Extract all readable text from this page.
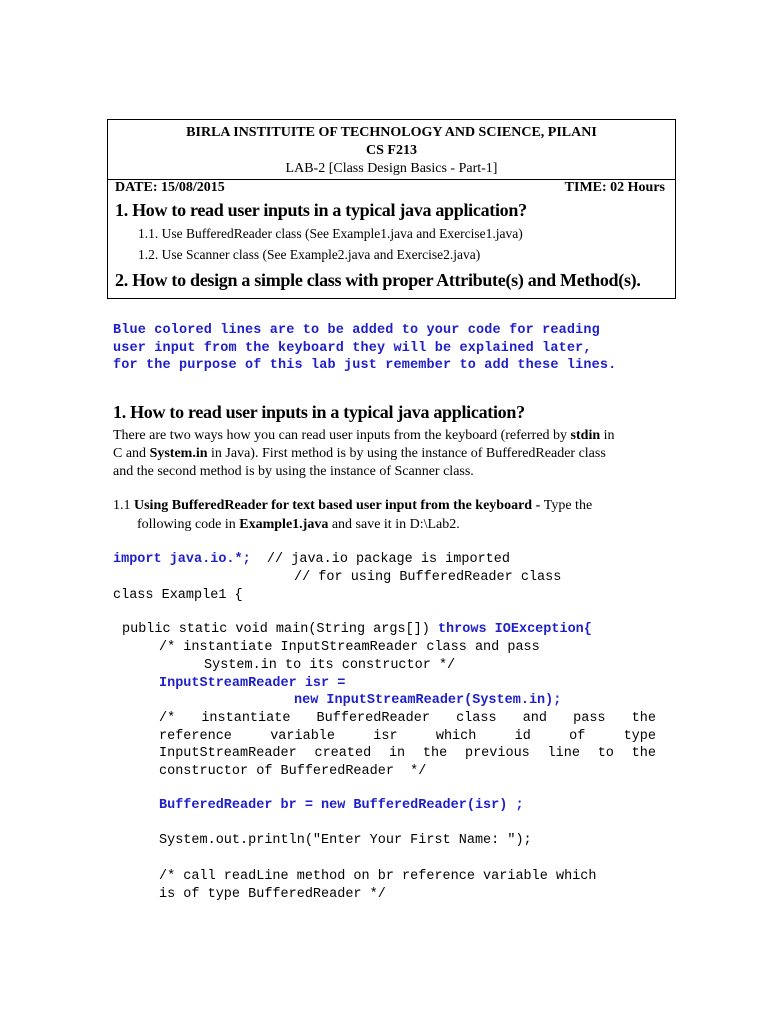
BIRLA INSTITUITE OF TECHNOLOGY AND SCIENCE, PILANI
CS F213
LAB-2 [Class Design Basics - Part-1]
DATE: 15/08/2015	TIME: 02 Hours
1. How to read user inputs in a typical java application?
1.1. Use BufferedReader class (See Example1.java and Exercise1.java)
1.2. Use Scanner class (See Example2.java and Exercise2.java)
2. How to design a simple class with proper Attribute(s) and Method(s).
Blue colored lines are to be added to your code for reading
user input from the keyboard they will be explained later,
for the purpose of this lab just remember to add these lines.
1. How to read user inputs in a typical java application?
There are two ways how you can read user inputs from the keyboard (referred by stdin in
C and System.in in Java). First method is by using the instance of BufferedReader class
and the second method is by using the instance of Scanner class.
1.1 Using BufferedReader for text based user input from the keyboard - Type the
following code in Example1.java and save it in D:\Lab2.
import java.io.*;  // java.io package is imported
// for using BufferedReader class
class Example1 {
public static void main(String args[]) throws IOException{
/* instantiate InputStreamReader class and pass
System.in to its constructor */
InputStreamReader isr =
new InputStreamReader(System.in);
/* instantiate BufferedReader class and pass the
reference	variable	isr	which	id	of	type
InputStreamReader created in the previous line to the
constructor of BufferedReader  */
BufferedReader br = new BufferedReader(isr) ;
System.out.println("Enter Your First Name: ");
/* call readLine method on br reference variable which
is of type BufferedReader */
